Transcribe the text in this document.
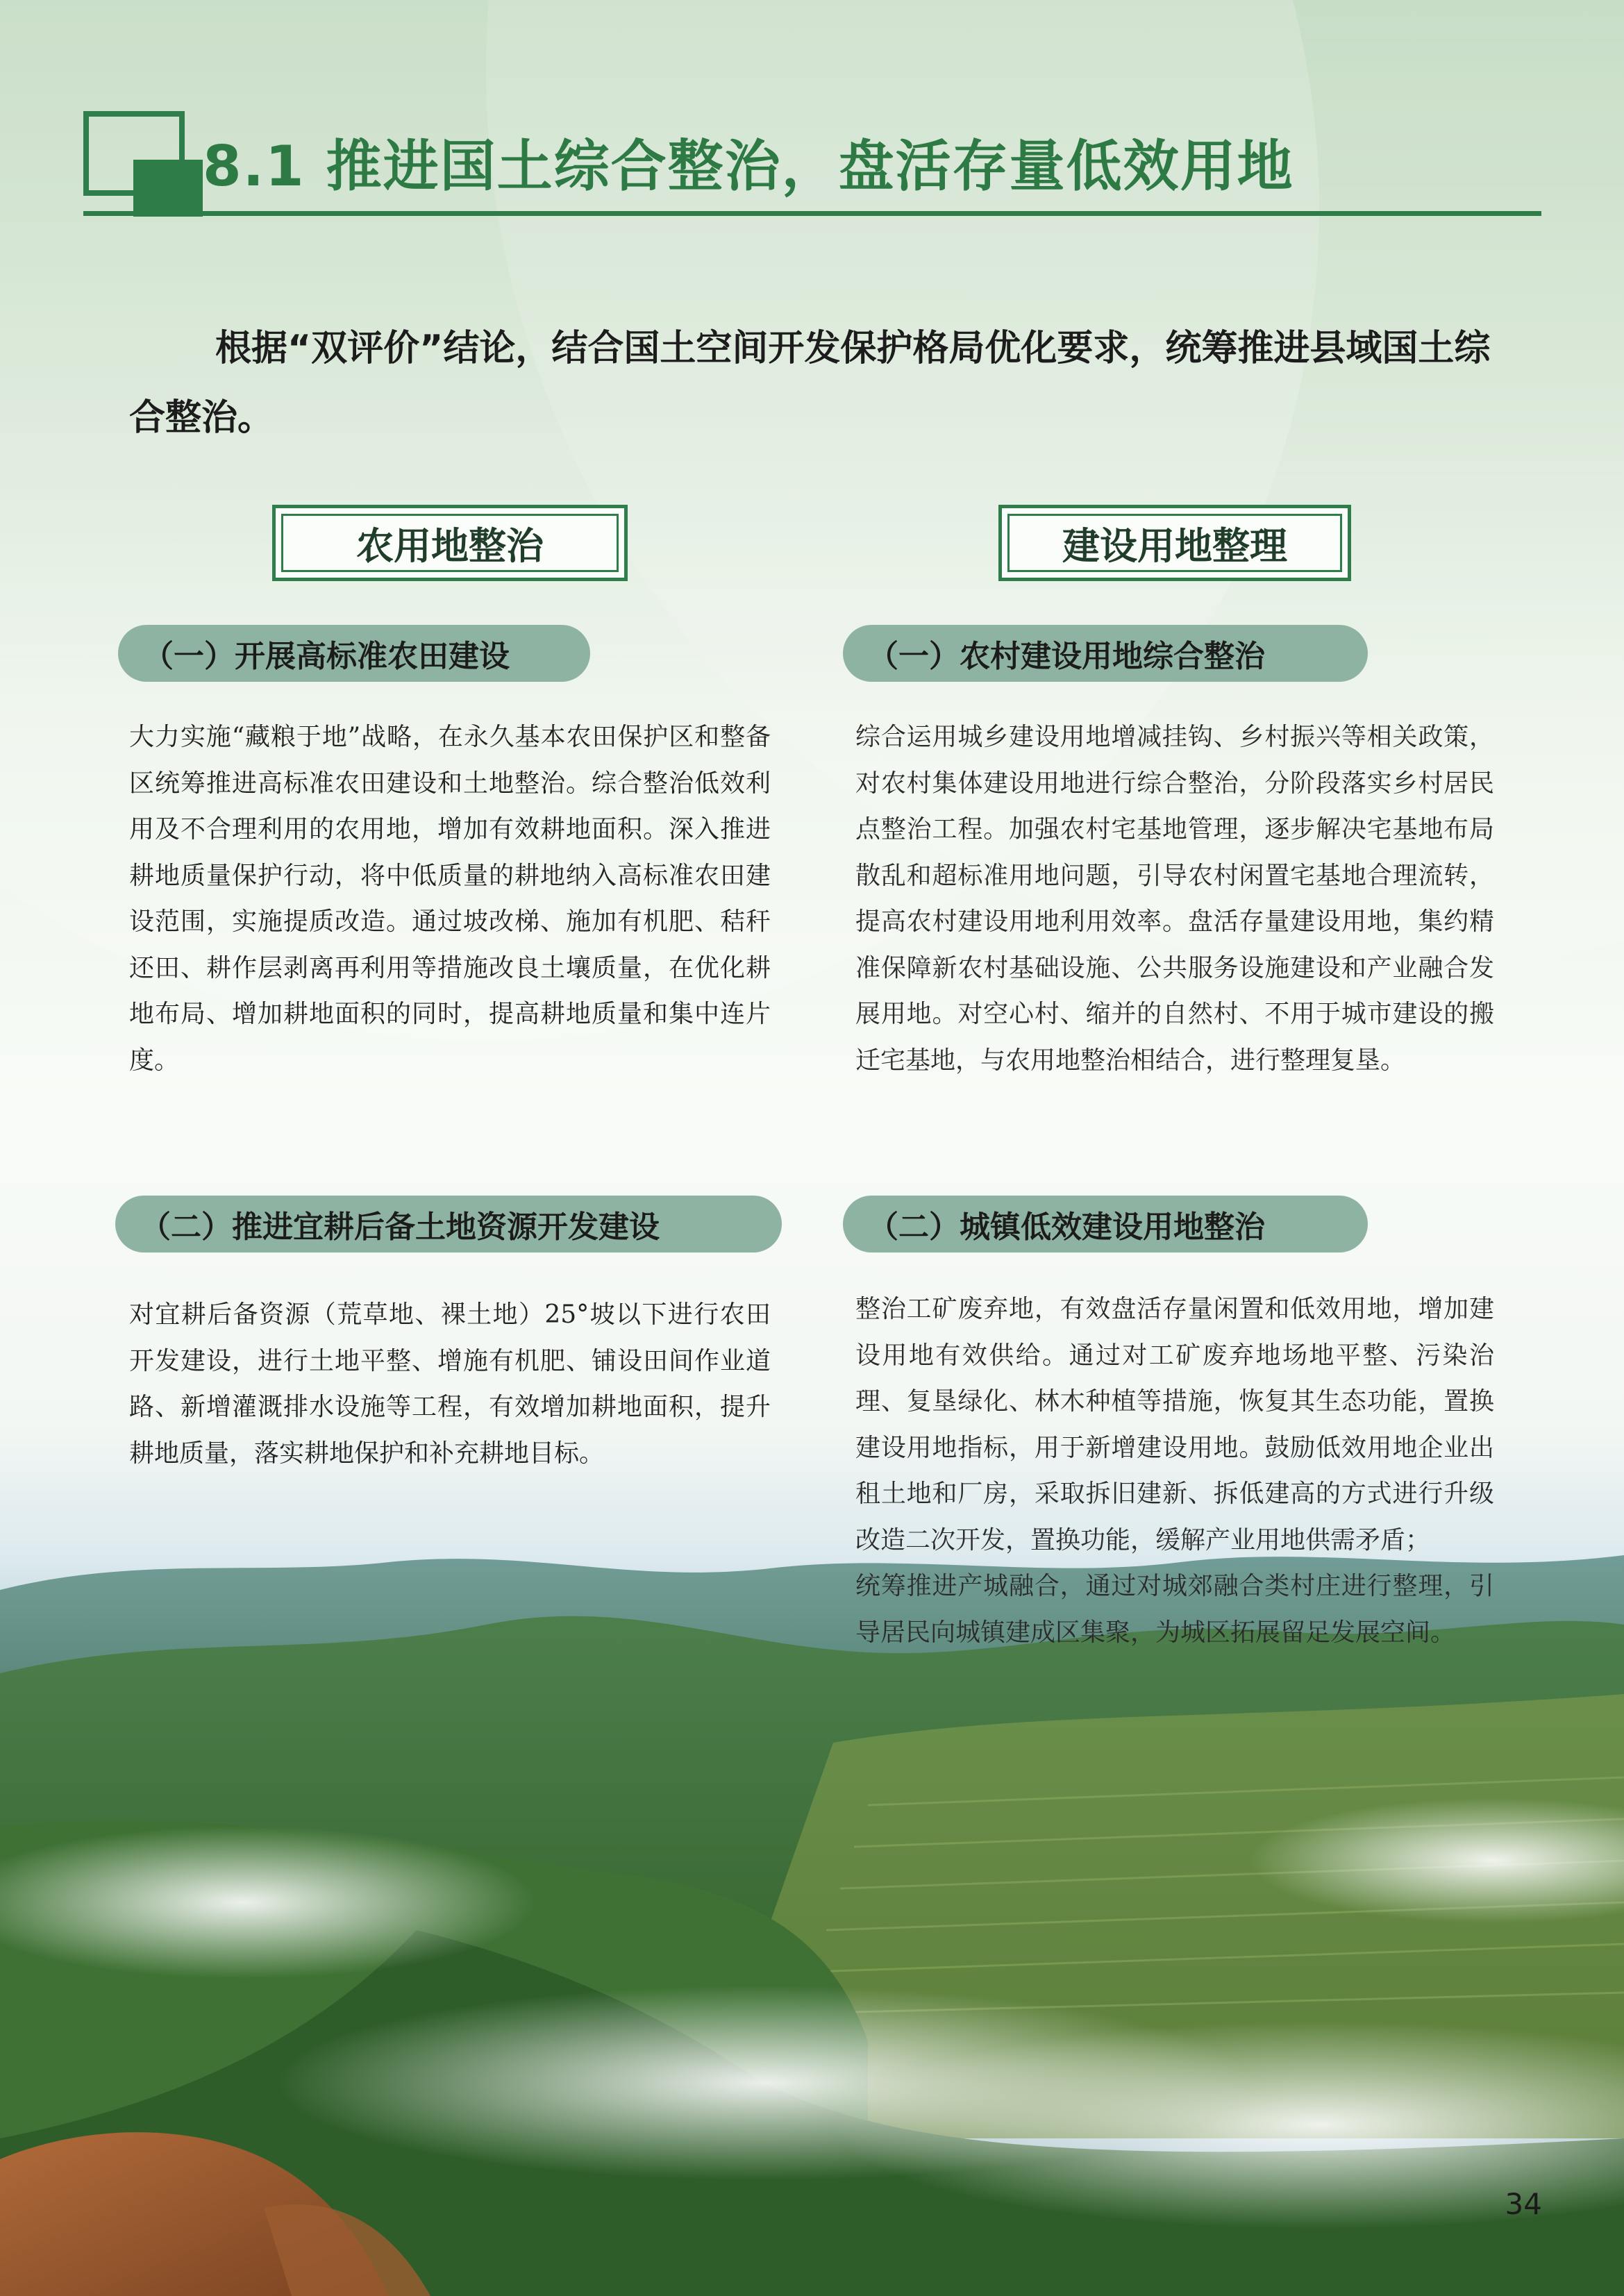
8.1 推进国土综合整治，盘活存量低效用地
根据“双评价”结论，结合国土空间开发保护格局优化要求，统筹推进县域国土综合整治。
农用地整治	建设用地整理
（一）开展高标准农田建设
大力实施“藏粮于地”战略，在永久基本农田保护区和整备区统筹推进高标准农田建设和土地整治。综合整治低效利用及不合理利用的农用地，增加有效耕地面积。深入推进耕地质量保护行动，将中低质量的耕地纳入高标准农田建设范围，实施提质改造。通过坡改梯、施加有机肥、秸秆还田、耕作层剥离再利用等措施改良土壤质量，在优化耕地布局、增加耕地面积的同时，提高耕地质量和集中连片度。
（二）推进宜耕后备土地资源开发建设
对宜耕后备资源（荒草地、裸土地）25°坡以下进行农田开发建设，进行土地平整、增施有机肥、铺设田间作业道路、新增灌溉排水设施等工程，有效增加耕地面积，提升耕地质量，落实耕地保护和补充耕地目标。
（一）农村建设用地综合整治
综合运用城乡建设用地增减挂钩、乡村振兴等相关政策，对农村集体建设用地进行综合整治，分阶段落实乡村居民点整治工程。加强农村宅基地管理，逐步解决宅基地布局散乱和超标准用地问题，引导农村闲置宅基地合理流转，提高农村建设用地利用效率。盘活存量建设用地，集约精准保障新农村基础设施、公共服务设施建设和产业融合发展用地。对空心村、缩并的自然村、不用于城市建设的搬迁宅基地，与农用地整治相结合，进行整理复垦。
（二）城镇低效建设用地整治
整治工矿废弃地，有效盘活存量闲置和低效用地，增加建设用地有效供给。通过对工矿废弃地场地平整、污染治理、复垦绿化、林木种植等措施，恢复其生态功能，置换建设用地指标，用于新增建设用地。鼓励低效用地企业出租土地和厂房，采取拆旧建新、拆低建高的方式进行升级改造二次开发，置换功能，缓解产业用地供需矛盾；
统筹推进产城融合，通过对城郊融合类村庄进行整理，引导居民向城镇建成区集聚，为城区拓展留足发展空间。
34
